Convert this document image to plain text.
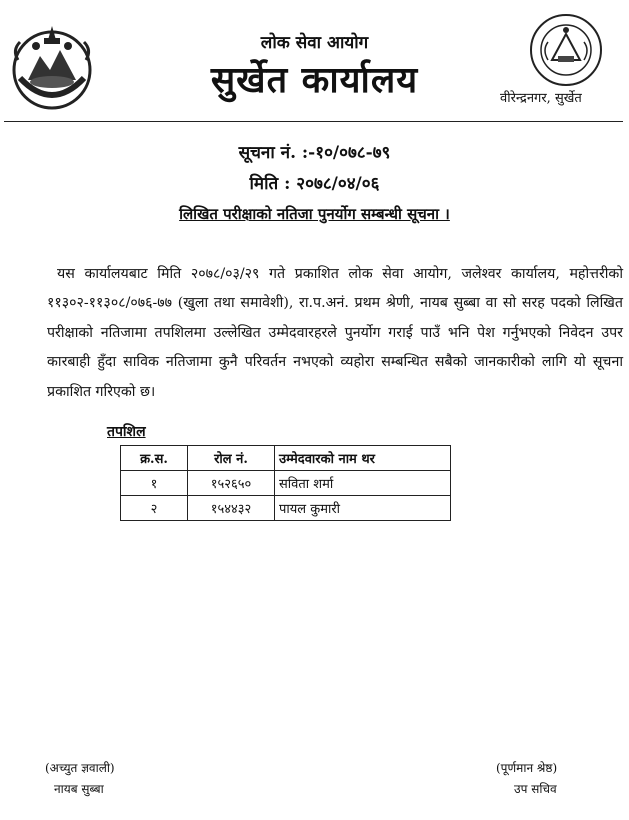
लोक सेवा आयोग
सुर्खेत कार्यालय	वीरेन्द्रनगर, सुर्खेत
सूचना नं. :-१०/०७८-७९
मिति : २०७८/०४/०६
लिखित परीक्षाको नतिजा पुनर्योग सम्बन्धी सूचना ।
यस कार्यालयबाट मिति २०७८/०३/२९ गते प्रकाशित लोक सेवा आयोग, जलेश्वर कार्यालय, महोत्तरीको ११३०२-११३०८/०७६-७७ (खुला तथा समावेशी), रा.प.अनं. प्रथम श्रेणी, नायब सुब्बा वा सो सरह पदको लिखित परीक्षाको नतिजामा तपशिलमा उल्लेखित उम्मेदवारहरले पुनर्योग गराई पाउँ भनि पेश गर्नुभएको निवेदन उपर कारबाही हुँदा साविक नतिजामा कुनै परिवर्तन नभएको व्यहोरा सम्बन्धित सबैको जानकारीको लागि यो सूचना प्रकाशित गरिएको छ।
तपशिल
क्र.स.	रोल नं.	उम्मेदवारको नाम थर
१	१५२६५०	सविता शर्मा
२	१५४४३२	पायल कुमारी
(अच्युत ज्ञवाली)
नायब सुब्बा
(पूर्णमान श्रेष्ठ)
उप सचिव
